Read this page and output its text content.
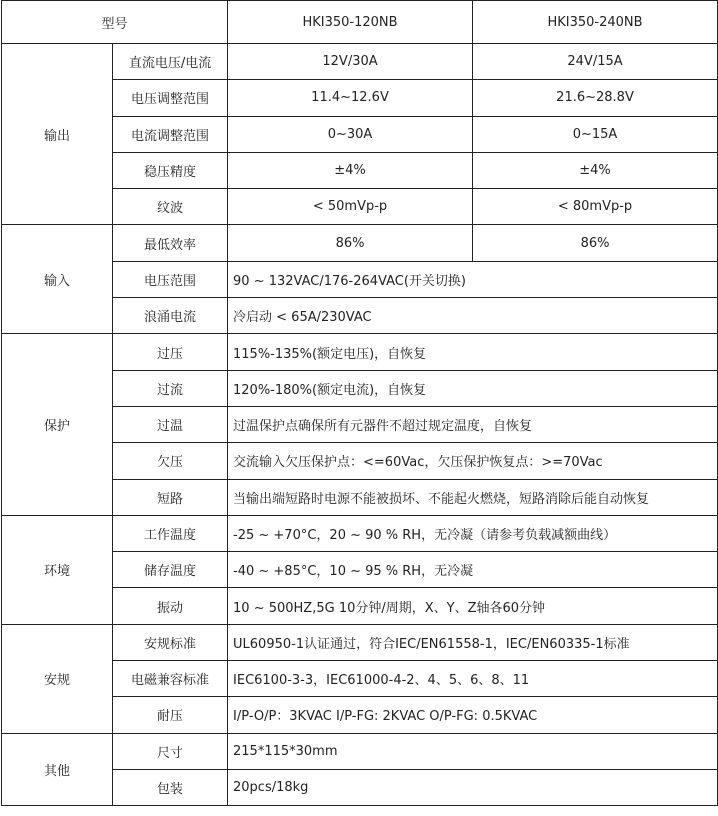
型号		HKI350-120NB	HKI350-240NB
输出	直流电压/电流	12V/30A	24V/15A
	电压调整范围	11.4~12.6V	21.6~28.8V
	电流调整范围	0~30A	0~15A
	稳压精度	±4%	±4%
	纹波	< 50mVp-p	< 80mVp-p
输入	最低效率	86%	86%
	电压范围	90 ~ 132VAC/176-264VAC(开关切换)	
	浪涌电流	冷启动 < 65A/230VAC	
保护	过压	115%-135%(额定电压)，自恢复	
	过流	120%-180%(额定电流)，自恢复	
	过温	过温保护点确保所有元器件不超过规定温度，自恢复	
	欠压	交流输入欠压保护点：<=60Vac，欠压保护恢复点：>=70Vac	
	短路	当输出端短路时电源不能被损坏、不能起火燃烧，短路消除后能自动恢复	
环境	工作温度	-25 ~ +70°C，20 ~ 90 % RH，无冷凝（请参考负载减额曲线）	
	储存温度	-40 ~ +85°C，10 ~ 95 % RH，无冷凝	
	振动	10 ~ 500HZ,5G 10分钟/周期，X、Y、Z轴各60分钟	
安规	安规标准	UL60950-1认证通过，符合IEC/EN61558-1，IEC/EN60335-1标准	
	电磁兼容标准	IEC6100-3-3，IEC61000-4-2、4、5、6、8、11	
	耐压	I/P-O/P：3KVAC I/P-FG: 2KVAC O/P-FG: 0.5KVAC	
其他	尺寸	215*115*30mm	
	包装	20pcs/18kg	
